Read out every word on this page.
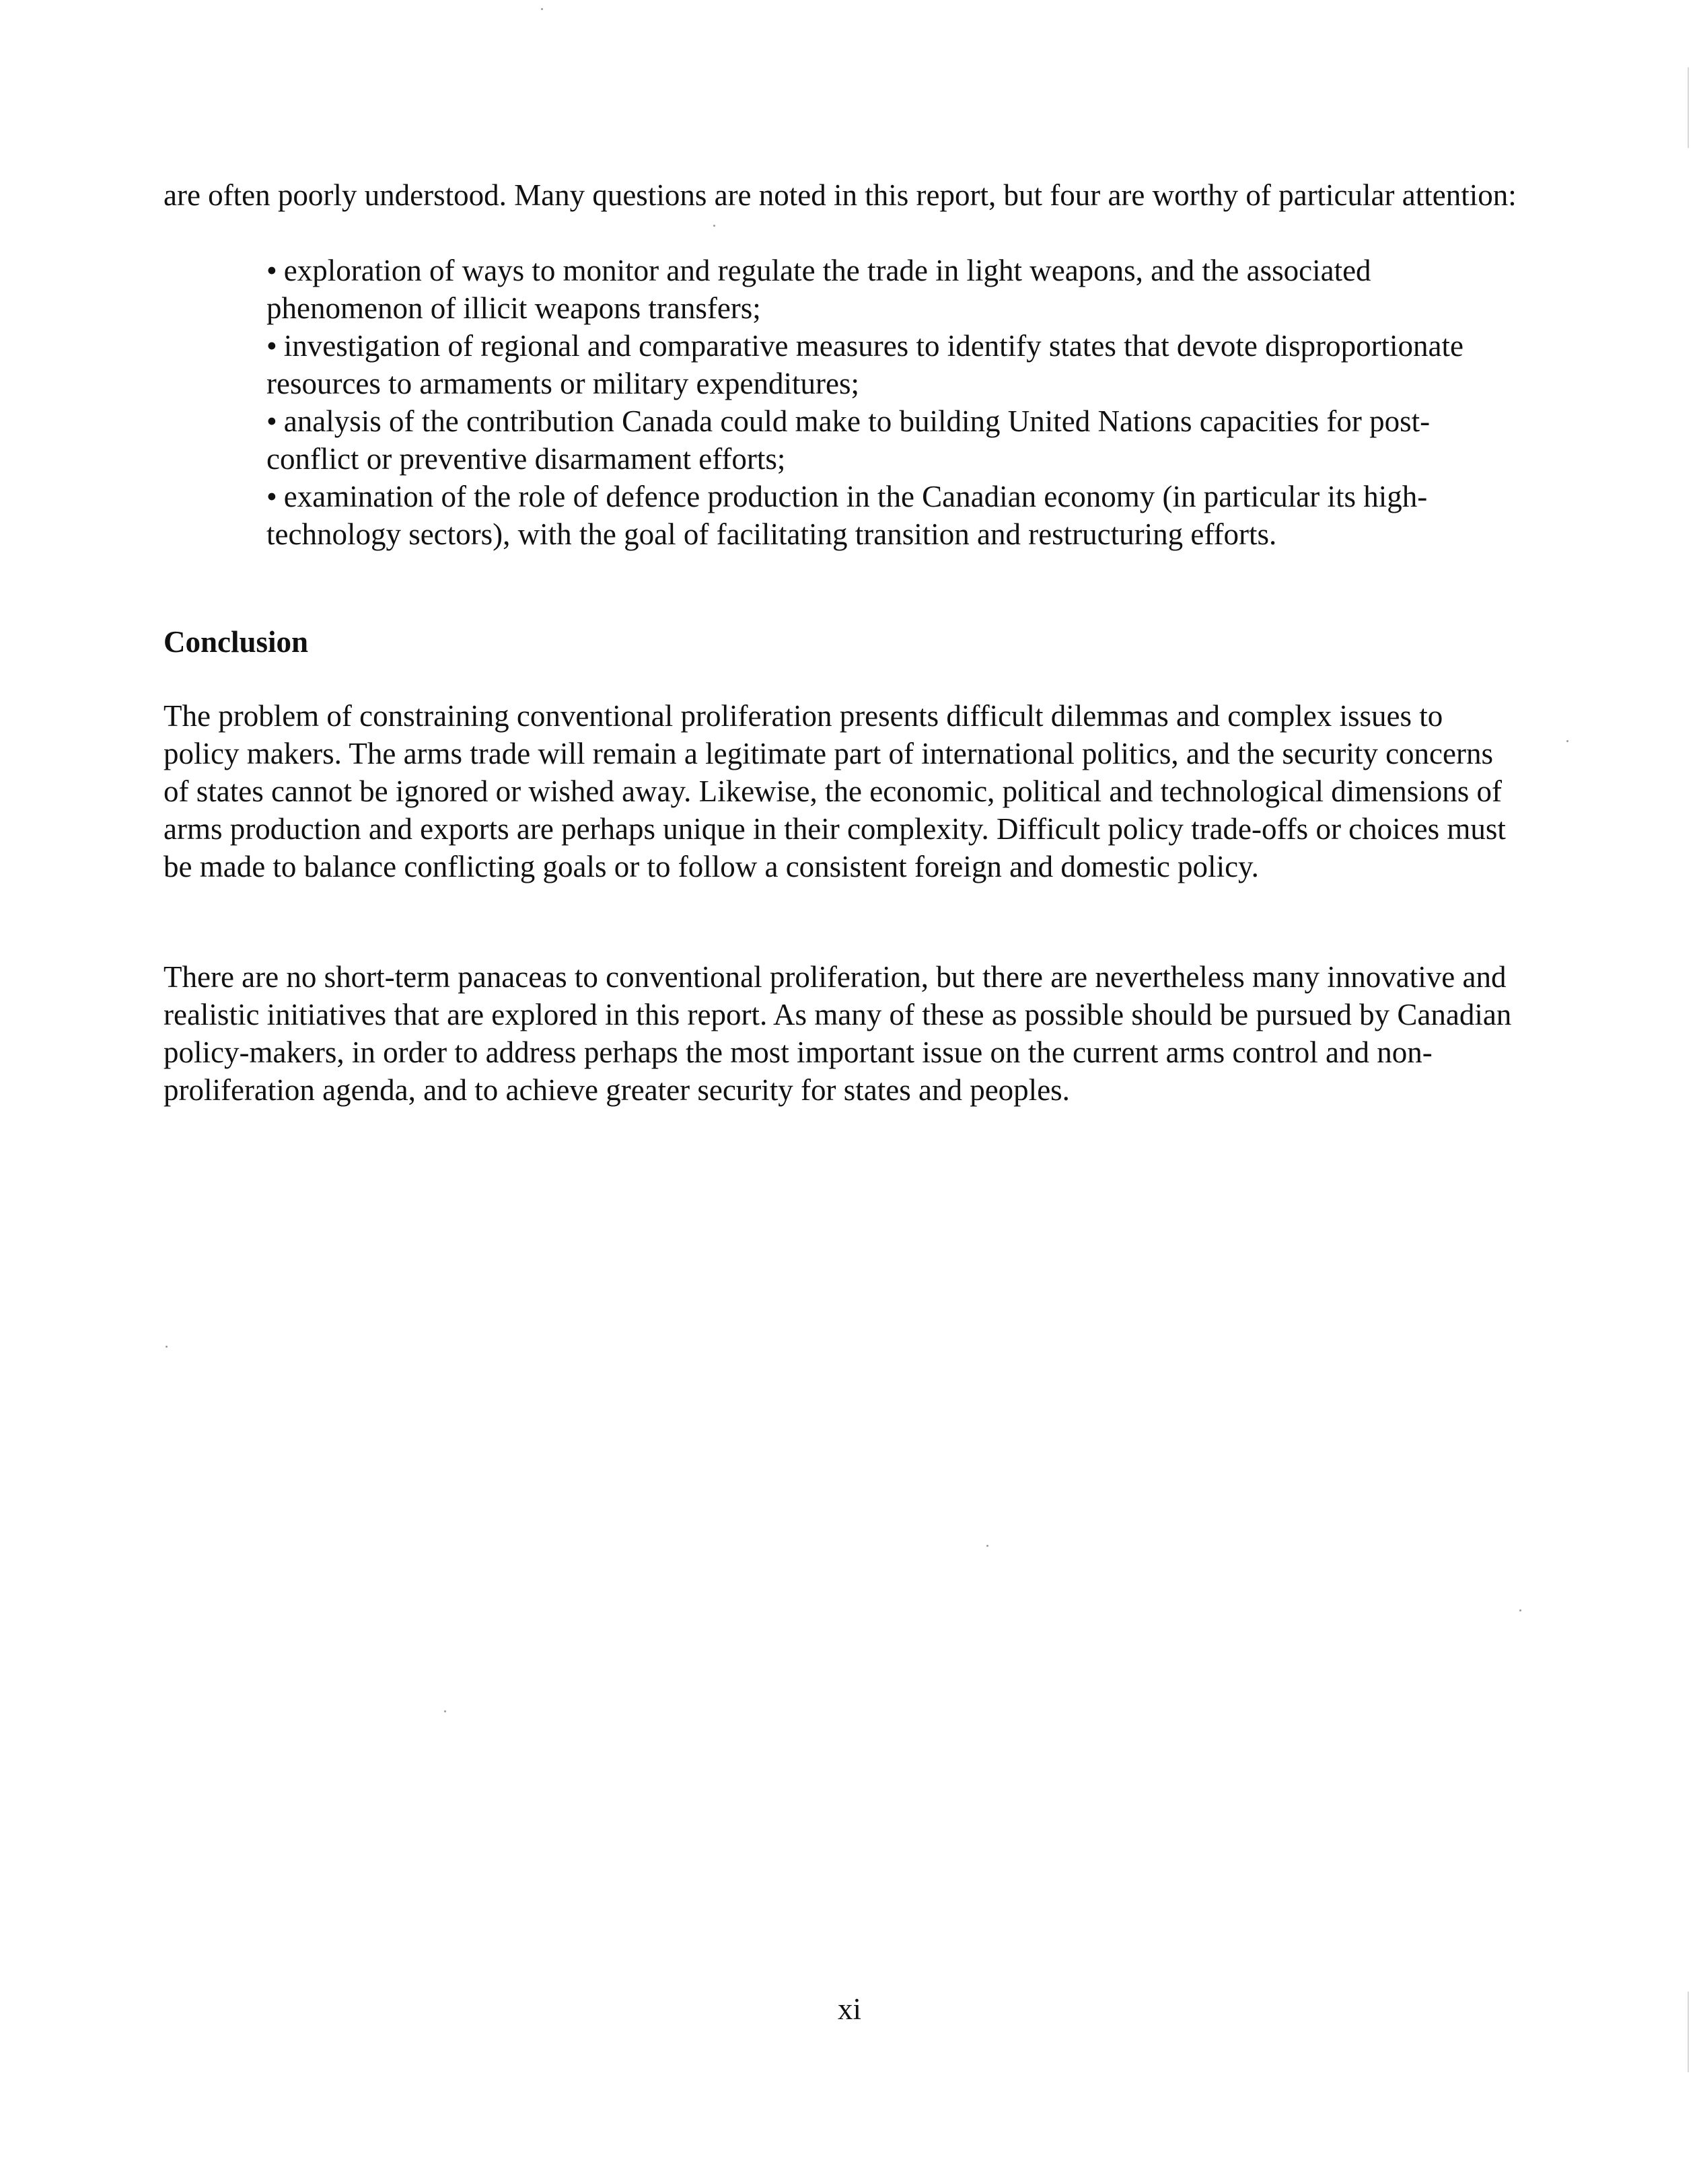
are often poorly understood. Many questions are noted in this report, but four are worthy of particular attention:

• exploration of ways to monitor and regulate the trade in light weapons, and the associated phenomenon of illicit weapons transfers;
• investigation of regional and comparative measures to identify states that devote disproportionate resources to armaments or military expenditures;
• analysis of the contribution Canada could make to building United Nations capacities for post-conflict or preventive disarmament efforts;
• examination of the role of defence production in the Canadian economy (in particular its high-technology sectors), with the goal of facilitating transition and restructuring efforts.
Conclusion

The problem of constraining conventional proliferation presents difficult dilemmas and complex issues to policy makers. The arms trade will remain a legitimate part of international politics, and the security concerns of states cannot be ignored or wished away. Likewise, the economic, political and technological dimensions of arms production and exports are perhaps unique in their complexity. Difficult policy trade-offs or choices must be made to balance conflicting goals or to follow a consistent foreign and domestic policy.

There are no short-term panaceas to conventional proliferation, but there are nevertheless many innovative and realistic initiatives that are explored in this report. As many of these as possible should be pursued by Canadian policy-makers, in order to address perhaps the most important issue on the current arms control and non-proliferation agenda, and to achieve greater security for states and peoples.

xi
